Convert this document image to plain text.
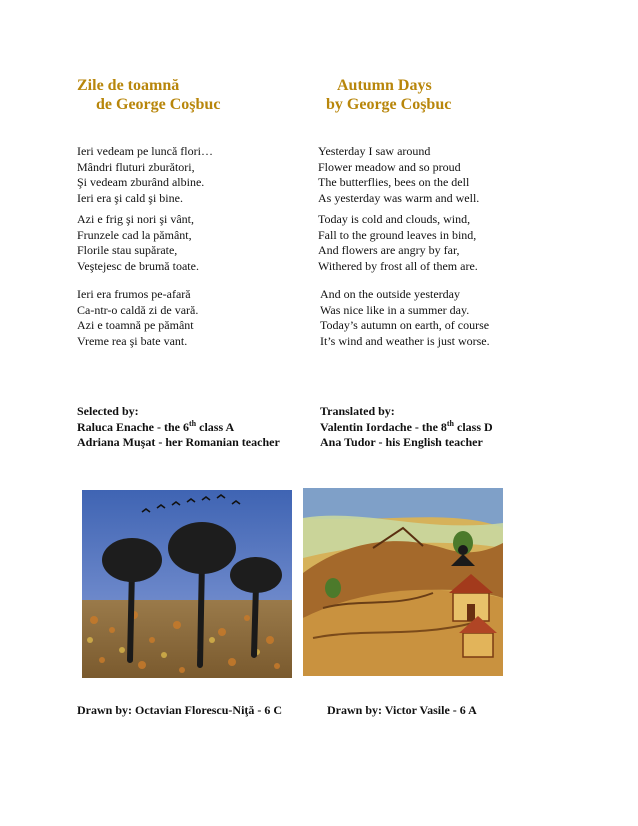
Zile de toamnă
de George Coşbuc
Autumn Days
by George Coşbuc
Ieri vedeam pe luncă flori…
Mândri fluturi zburători,
Şi vedeam zburând albine.
Ieri era şi cald şi bine.
Azi e frig şi nori şi vânt,
Frunzele cad la pământ,
Florile stau supărate,
Veştejesc de brumă toate.
Ieri era frumos pe-afară
Ca-ntr-o caldă zi de vară.
Azi e toamnă pe pământ
Vreme rea şi bate vant.
Yesterday I saw around
Flower meadow and so proud
The butterflies, bees on the dell
As yesterday was warm and well.
Today is cold and clouds, wind,
Fall to the ground leaves in bind,
And flowers are angry by far,
Withered by frost all of them are.
And on the outside yesterday
Was nice like in a summer day.
Today’s autumn on earth, of course
It’s wind and weather is just worse.
Selected by:
Raluca Enache - the 6th class A
Adriana Muşat - her Romanian teacher
Translated by:
Valentin Iordache - the 8th class D
Ana Tudor - his English teacher
Drawn by: Octavian Florescu-Niţă - 6 C	Drawn by: Victor Vasile - 6 A
